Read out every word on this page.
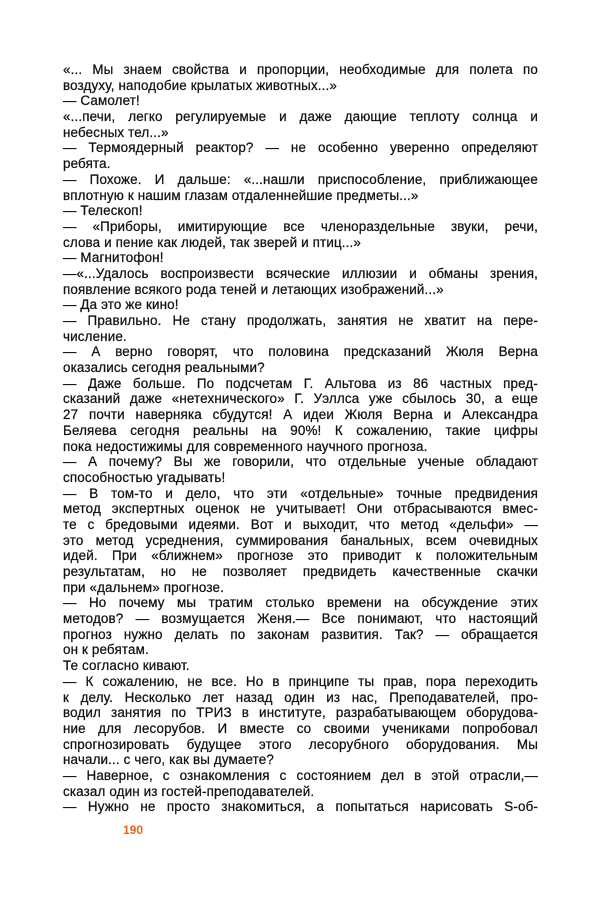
«... Мы знаем свойства и пропорции, необходимые для полета по
воздуху, наподобие крылатых животных...»
— Самолет!
«...печи, легко регулируемые и даже дающие теплоту солнца и
небесных тел...»
— Термоядерный реактор? — не особенно уверенно определяют
ребята.
— Похоже. И дальше: «...нашли приспособление, приближающее
вплотную к нашим глазам отдаленнейшие предметы...»
— Телескоп!
— «Приборы, имитирующие все членораздельные звуки, речи,
слова и пение как людей, так зверей и птиц...»
— Магнитофон!
—«...Удалось воспроизвести всяческие иллюзии и обманы зрения,
появление всякого рода теней и летающих изображений...»
— Да это же кино!
— Правильно. Не стану продолжать, занятия не хватит на пере-
числение.
— А верно говорят, что половина предсказаний Жюля Верна
оказались сегодня реальными?
— Даже больше. По подсчетам Г. Альтова из 86 частных пред-
сказаний даже «нетехнического» Г. Уэллса уже сбылось 30, а еще
27 почти наверняка сбудутся! А идеи Жюля Верна и Александра
Беляева сегодня реальны на 90%! К сожалению, такие цифры
пока недостижимы для современного научного прогноза.
— А почему? Вы же говорили, что отдельные ученые обладают
способностью угадывать!
— В том-то и дело, что эти «отдельные» точные предвидения
метод экспертных оценок не учитывает! Они отбрасываются вмес-
те с бредовыми идеями. Вот и выходит, что метод «дельфи» —
это метод усреднения, суммирования банальных, всем очевидных
идей. При «ближнем» прогнозе это приводит к положительным
результатам, но не позволяет предвидеть качественные скачки
при «дальнем» прогнозе.
— Но почему мы тратим столько времени на обсуждение этих
методов? — возмущается Женя.— Все понимают, что настоящий
прогноз нужно делать по законам развития. Так? — обращается
он к ребятам.
Те согласно кивают.
— К сожалению, не все. Но в принципе ты прав, пора переходить
к делу. Несколько лет назад один из нас, Преподавателей, про-
водил занятия по ТРИЗ в институте, разрабатывающем оборудова-
ние для лесорубов. И вместе со своими учениками попробовал
спрогнозировать будущее этого лесорубного оборудования. Мы
начали... с чего, как вы думаете?
— Наверное, с ознакомления с состоянием дел в этой отрасли,—
сказал один из гостей-преподавателей.
— Нужно не просто знакомиться, а попытаться нарисовать S-об-
190
